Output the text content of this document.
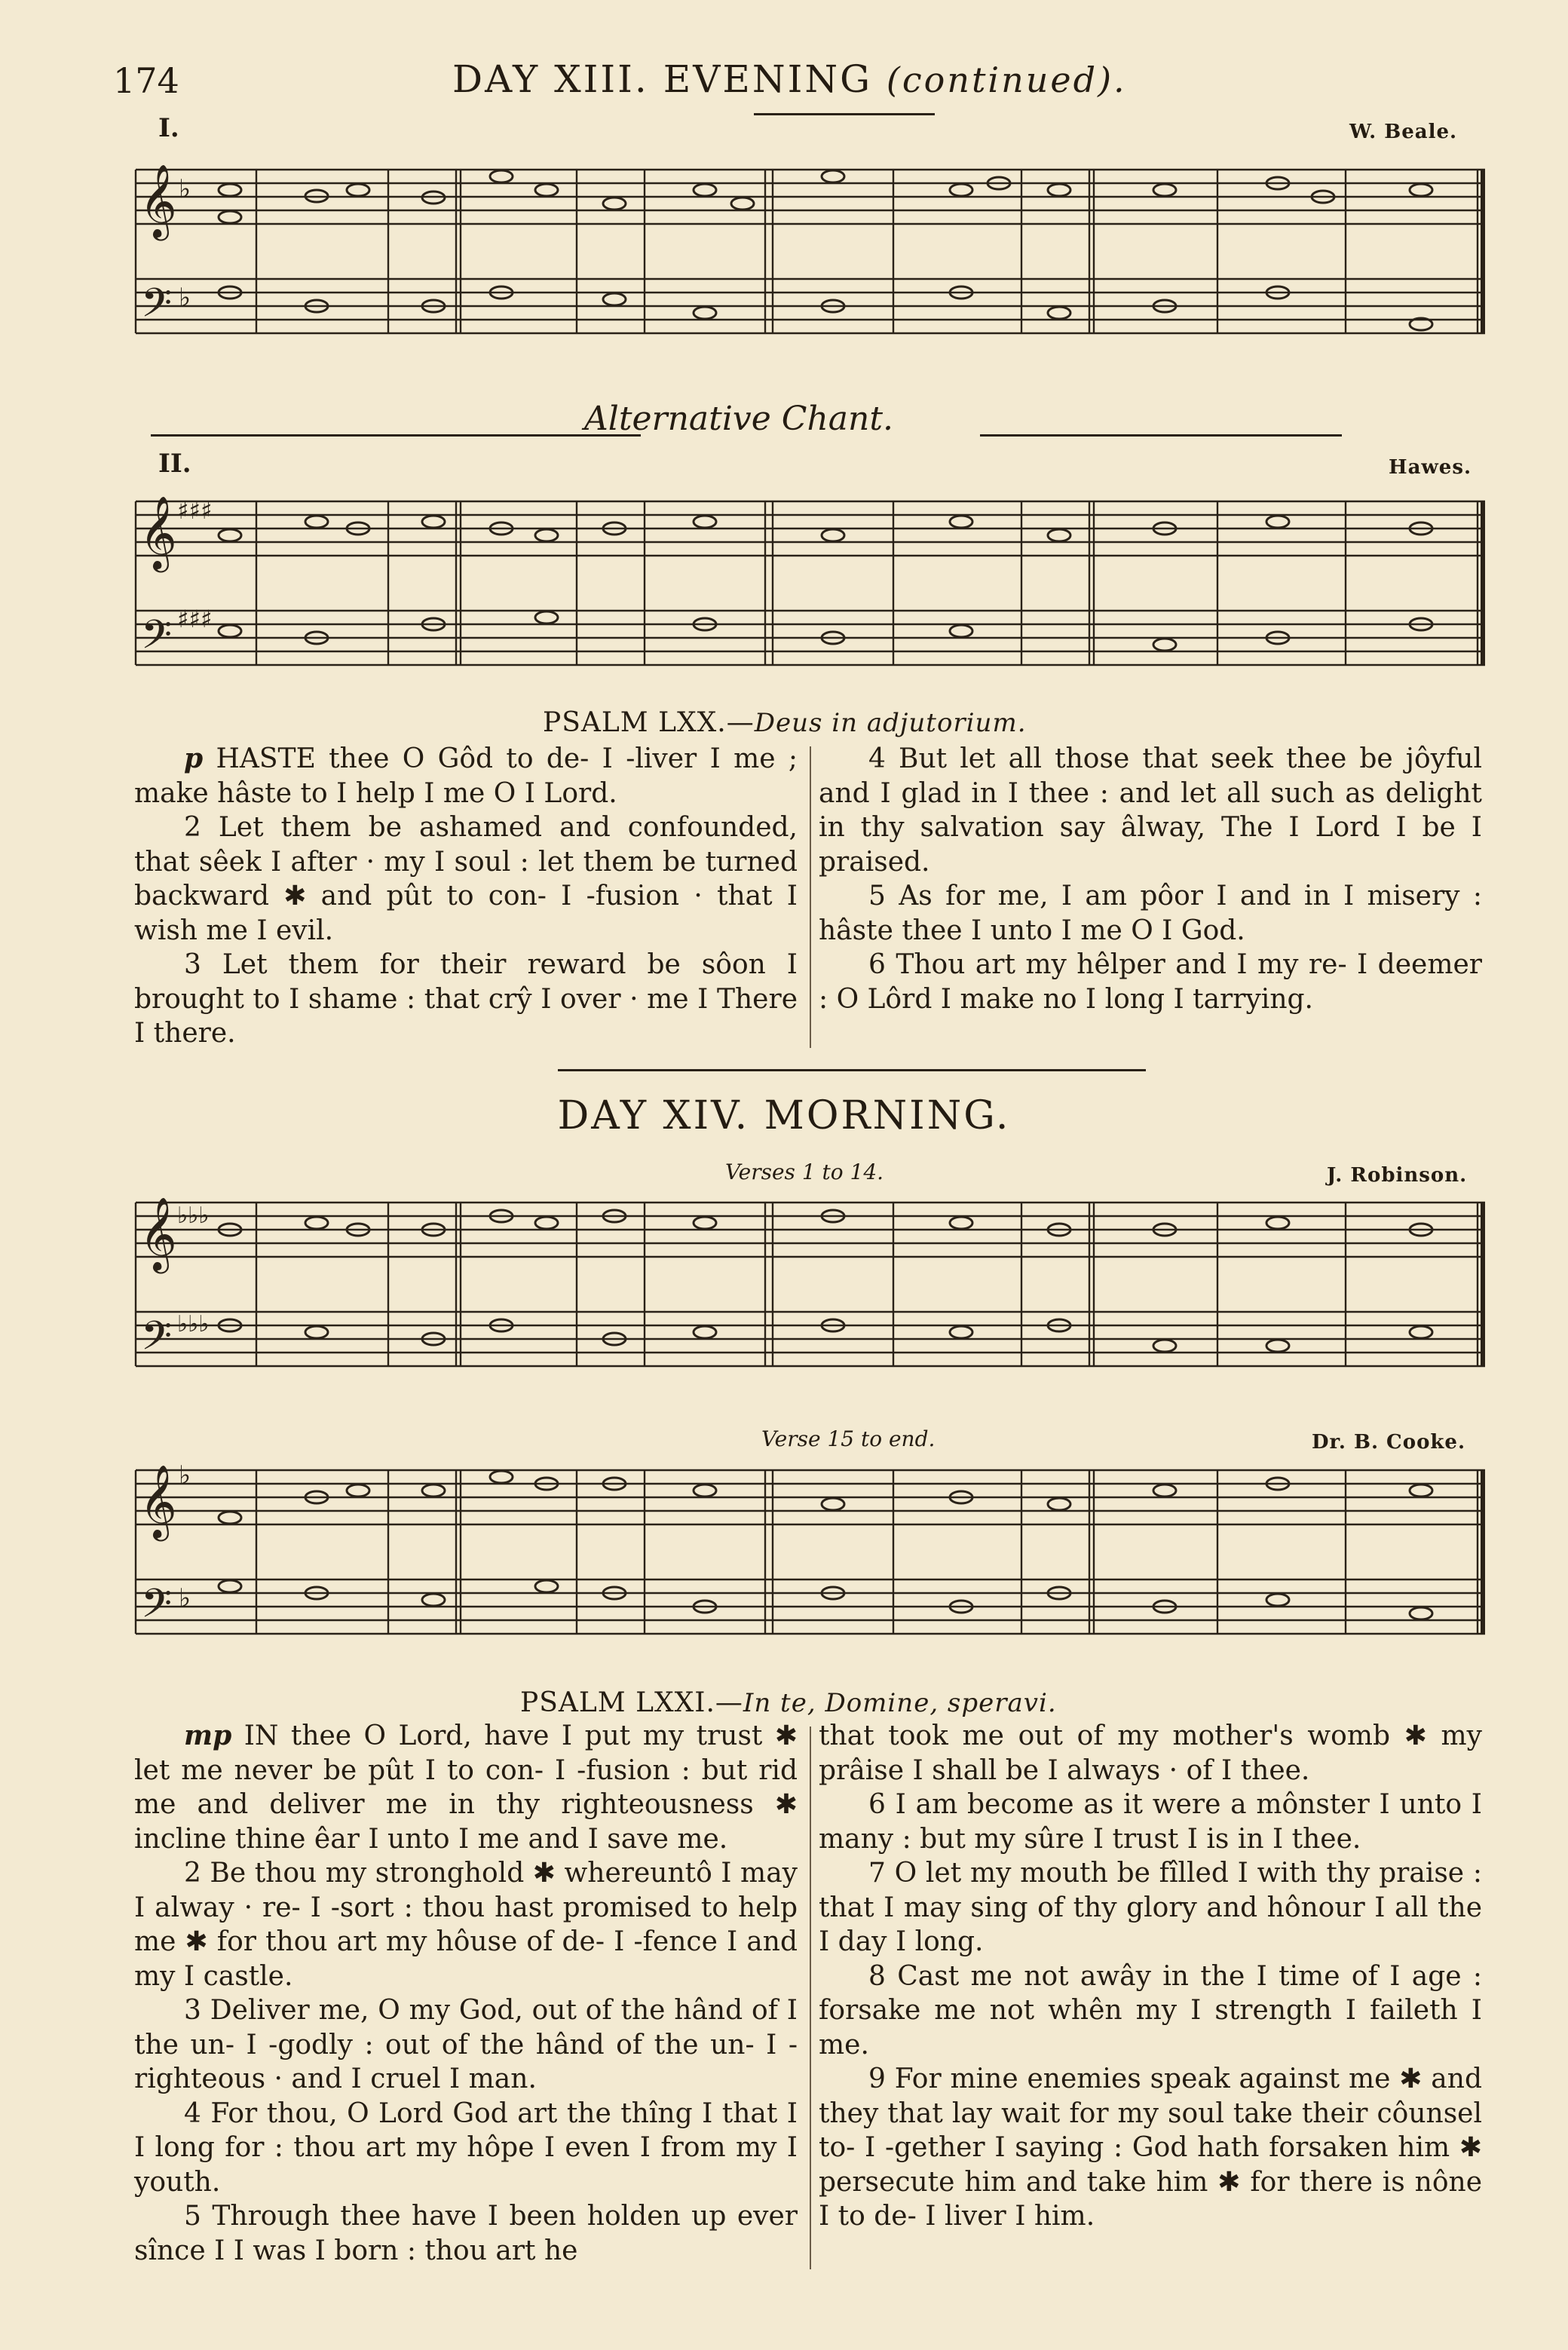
174	DAY XIII. EVENING (continued).
I.	W. Beale.
𝄞
𝄢
♭
♭
Alternative Chant.
II.	Hawes.
𝄞
𝄢
♯♯♯
♯♯♯
PSALM LXX.—Deus in adjutorium.

p HASTE thee O Gôd to de- I -liver I me ; make hâste to I help I me O I Lord.

2 Let them be ashamed and confounded, that sêek I after · my I soul : let them be turned backward ✱ and pût to con- I -fusion · that I wish me I evil.

3 Let them for their reward be sôon I brought to I shame : that crŷ I over · me I There I there.

4 But let all those that seek thee be jôyful and I glad in I thee : and let all such as delight in thy salvation say âlway, The I Lord I be I praised.

5 As for me, I am pôor I and in I misery : hâste thee I unto I me O I God.

6 Thou art my hêlper and I my re- I deemer : O Lôrd I make no I long I tarrying.

DAY XIV. MORNING.
Verses 1 to 14.	J. Robinson.
𝄞
𝄢
♭♭♭
♭♭♭
Verse 15 to end.	Dr. B. Cooke.
𝄞
𝄢
♭
♭
PSALM LXXI.—In te, Domine, speravi.

mp IN thee O Lord, have I put my trust ✱ let me never be pût I to con- I -fusion : but rid me and deliver me in thy righteousness ✱ incline thine êar I unto I me and I save me.

2 Be thou my stronghold ✱ whereuntô I may I alway · re- I -sort : thou hast promised to help me ✱ for thou art my hôuse of de- I -fence I and my I castle.

3 Deliver me, O my God, out of the hând of I the un- I -godly : out of the hând of the un- I -righteous · and I cruel I man.

4 For thou, O Lord God art the thîng I that I I long for : thou art my hôpe I even I from my I youth.

5 Through thee have I been holden up ever sînce I I was I born : thou art he

that took me out of my mother's womb ✱ my prâise I shall be I always · of I thee.

6 I am become as it were a mônster I unto I many : but my sûre I trust I is in I thee.

7 O let my mouth be fîlled I with thy praise : that I may sing of thy glory and hônour I all the I day I long.

8 Cast me not awây in the I time of I age : forsake me not whên my I strength I faileth I me.

9 For mine enemies speak against me ✱ and they that lay wait for my soul take their côunsel to- I -gether I saying : God hath forsaken him ✱ persecute him and take him ✱ for there is nône I to de- I liver I him.
